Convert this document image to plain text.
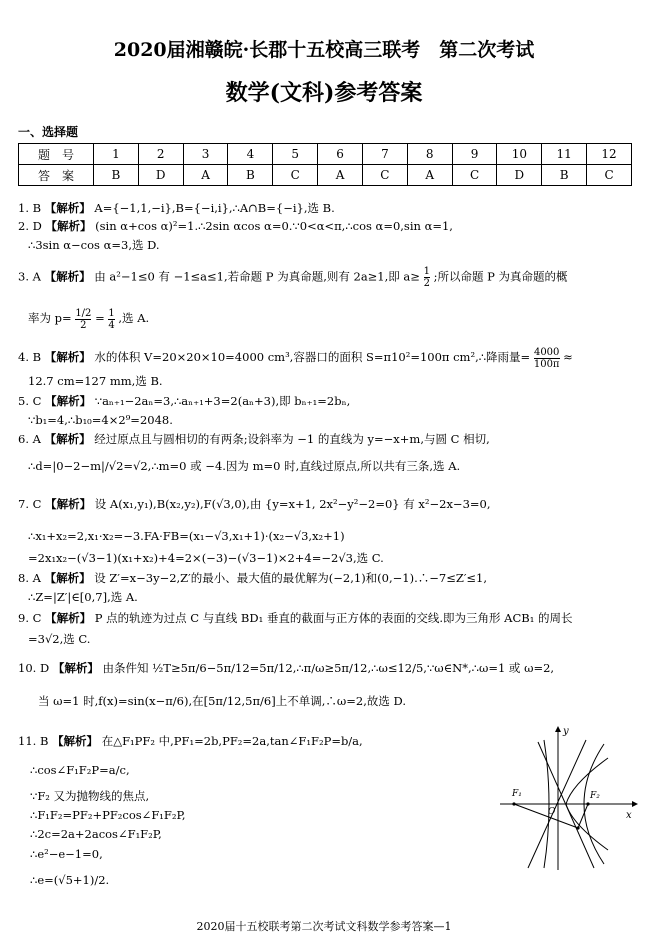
2020届湘赣皖·长郡十五校高三联考　第二次考试
数学(文科)参考答案
一、选择题
题　号	1	2	3	4	5	6	7	8	9	10	11	12
答　案	B	D	A	B	C	A	C	A	C	D	B	C
1. B 【解析】 A={−1,1,−i},B={−i,i},∴A∩B={−i},选 B.
2. D 【解析】 (sin α+cos α)²=1.∴2sin αcos α=0.∵0<α<π,∴cos α=0,sin α=1,
∴3sin α−cos α=3,选 D.
3. A 【解析】 由 a²−1≤0 有 −1≤a≤1,若命题 P 为真命题,则有 2a≥1,即 $a\ge \frac{1}{2}$ ;所以命题 P 为真命题的概
率为 $p= \frac{1/2}{2} = \frac{1}{4}$ ,选 A.
4. B 【解析】 水的体积 V=20×20×10=4000 cm³,容器口的面积 S=π10²=100π cm²,∴降雨量= $\frac{4000}{100\pi}$ ≈
12.7 cm=127 mm,选 B.
5. C 【解析】 ∵aₙ₊₁−2aₙ=3,∴aₙ₊₁+3=2(aₙ+3),即 bₙ₊₁=2bₙ,
∵b₁=4,∴b₁₀=4×2⁹=2048.
6. A 【解析】 经过原点且与圆相切的有两条;设斜率为 −1 的直线为 y=−x+m,与圆 C 相切,
∴d=|0−2−m|/√2=√2,∴m=0 或 −4.因为 m=0 时,直线过原点,所以共有三条,选 A.
7. C 【解析】 设 A(x₁,y₁),B(x₂,y₂),F(√3,0),由 {y=x+1, 2x²−y²−2=0} 有 x²−2x−3=0,
∴x₁+x₂=2,x₁·x₂=−3.FA·FB=(x₁−√3,x₁+1)·(x₂−√3,x₂+1)
=2x₁x₂−(√3−1)(x₁+x₂)+4=2×(−3)−(√3−1)×2+4=−2√3,选 C.
8. A 【解析】 设 Z′=x−3y−2,Z′的最小、最大值的最优解为(−2,1)和(0,−1).∴−7≤Z′≤1,
∴Z=|Z′|∈[0,7],选 A.
9. C 【解析】 P 点的轨迹为过点 C 与直线 BD₁ 垂直的截面与正方体的表面的交线.即为三角形 ACB₁ 的周长
=3√2,选 C.
10. D 【解析】 由条件知 ½T≥5π/6−5π/12=5π/12,∴π/ω≥5π/12,∴ω≤12/5,∵ω∈N*,∴ω=1 或 ω=2,
当 ω=1 时,f(x)=sin(x−π/6),在[5π/12,5π/6]上不单调,∴ω=2,故选 D.
11. B 【解析】 在△F₁PF₂ 中,PF₁=2b,PF₂=2a,tan∠F₁F₂P=b/a,
∴cos∠F₁F₂P=a/c,
∵F₂ 又为抛物线的焦点,
∴F₁F₂=PF₂+PF₂cos∠F₁F₂P,
∴2c=2a+2acos∠F₁F₂P,
∴e²−e−1=0,
∴e=(√5+1)/2.
y
x
F₁
O
F₂
2020届十五校联考第二次考试文科数学参考答案—1
